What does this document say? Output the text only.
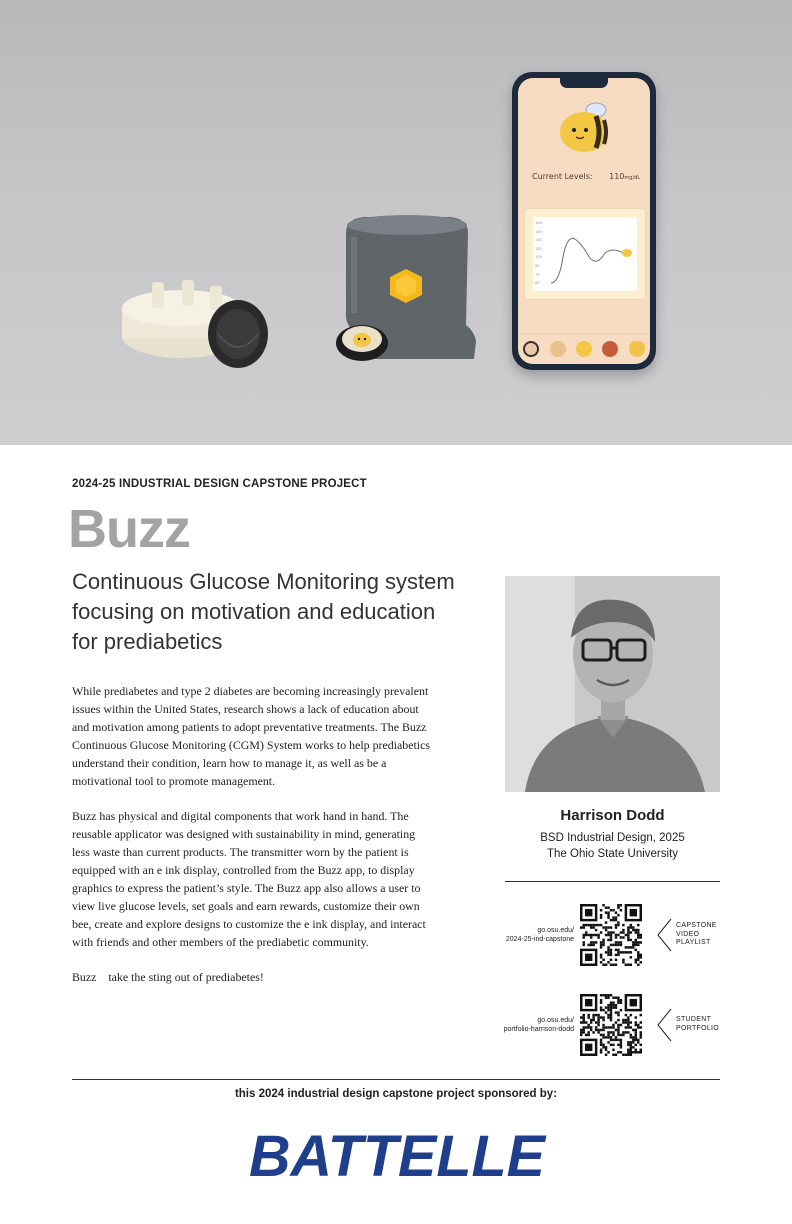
Current Levels: 110mg/dL
165
150
135
120
105
90
75
60
2024-25 INDUSTRIAL DESIGN CAPSTONE PROJECT
Buzz
Continuous Glucose Monitoring system focusing on motivation and education for prediabetics

While prediabetes and type 2 diabetes are becoming increasingly prevalent issues within the United States, research shows a lack of education about and motivation among patients to adopt preventative treatments. The Buzz Continuous Glucose Monitoring (CGM) System works to help prediabetics understand their condition, learn how to manage it, as well as be a motivational tool to promote management.

Buzz has physical and digital components that work hand in hand. The reusable applicator was designed with sustainability in mind, generating less waste than current products. The transmitter worn by the patient is equipped with an e ink display, controlled from the Buzz app, to display graphics to express the patient’s style. The Buzz app also allows a user to view live glucose levels, set goals and earn rewards, customize their own bee, create and explore designs to customize the e ink display, and interact with friends and other members of the prediabetic community.

Buzz    take the sting out of prediabetes!

Harrison Dodd
BSD Industrial Design, 2025
The Ohio State University
go.osu.edu/
2024-25-ind-capstone
CAPSTONE
VIDEO
PLAYLIST
go.osu.edu/
portfolio-harrison-dodd
STUDENT
PORTFOLIO
this 2024 industrial design capstone project sponsored by:
BATTELLE
